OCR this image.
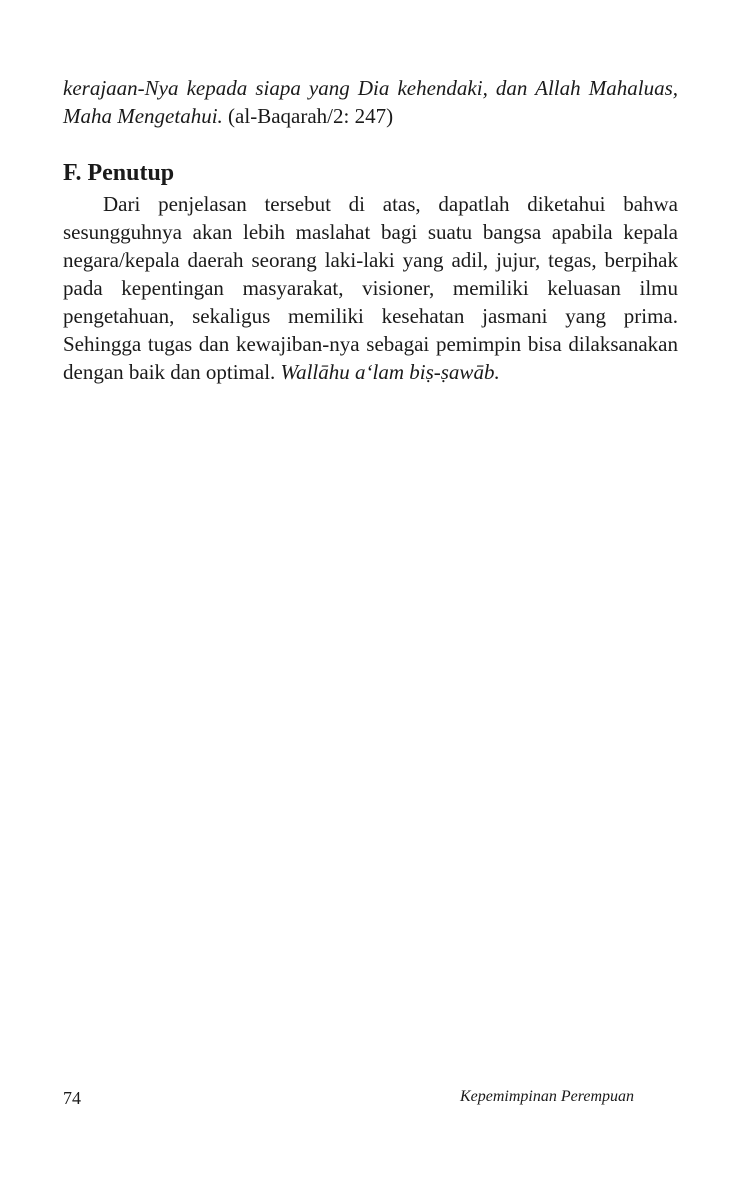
kerajaan-Nya kepada siapa yang Dia kehendaki, dan Allah Mahaluas, Maha Mengetahui. (al-Baqarah/2: 247)
F. Penutup

Dari penjelasan tersebut di atas, dapatlah diketahui bahwa sesungguhnya akan lebih maslahat bagi suatu bangsa apabila kepala negara/kepala daerah seorang laki-laki yang adil, jujur, tegas, berpihak pada kepentingan masyarakat, visioner, memiliki keluasan ilmu pengetahuan, sekaligus memiliki kesehatan jasmani yang prima. Sehingga tugas dan kewajiban-nya sebagai pemimpin bisa dilaksanakan dengan baik dan optimal. Wallāhu a‘lam biṣ-ṣawāb.

74	Kepemimpinan Perempuan
